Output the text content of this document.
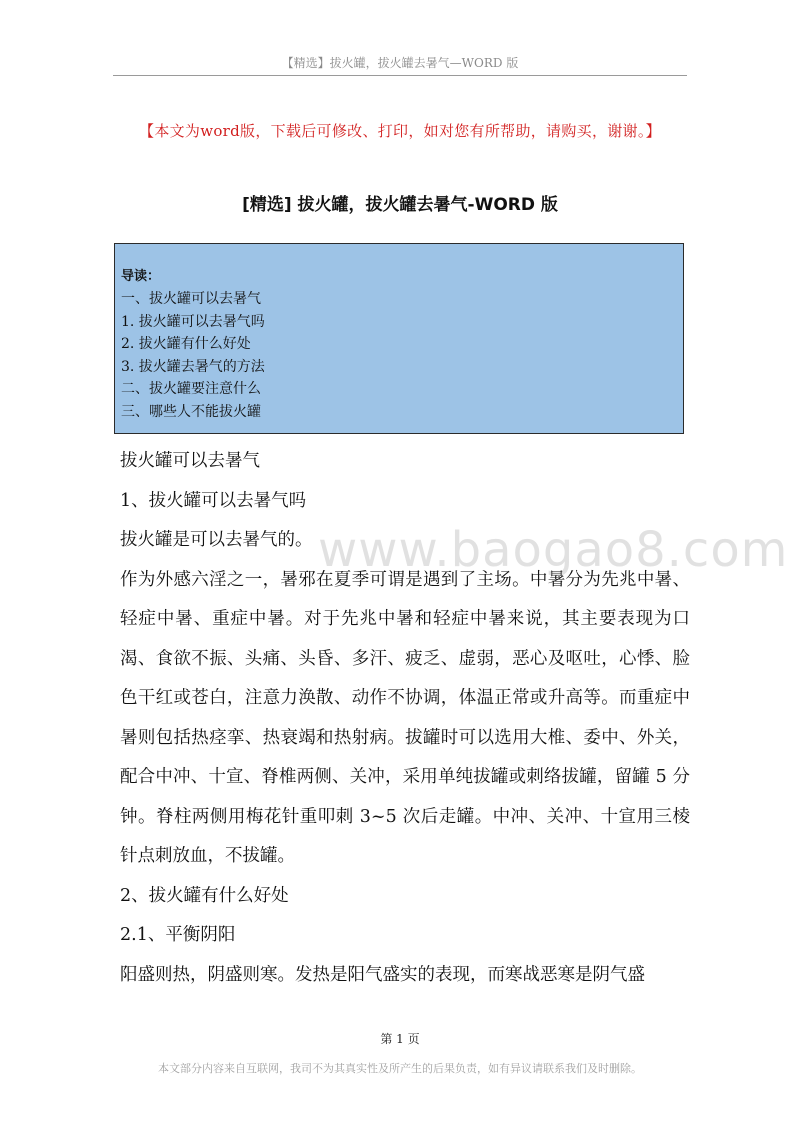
【精选】拔火罐，拔火罐去暑气—WORD 版
【本文为word版，下载后可修改、打印，如对您有所帮助，请购买，谢谢。】
[精选] 拔火罐，拔火罐去暑气-WORD 版
导读：
一、拔火罐可以去暑气
1. 拔火罐可以去暑气吗
2. 拔火罐有什么好处
3. 拔火罐去暑气的方法
二、拔火罐要注意什么
三、哪些人不能拔火罐

拔火罐可以去暑气

1、拔火罐可以去暑气吗

拔火罐是可以去暑气的。

作为外感六淫之一，暑邪在夏季可谓是遇到了主场。中暑分为先兆中暑、轻症中暑、重症中暑。对于先兆中暑和轻症中暑来说，其主要表现为口渴、食欲不振、头痛、头昏、多汗、疲乏、虚弱，恶心及呕吐，心悸、脸色干红或苍白，注意力涣散、动作不协调，体温正常或升高等。而重症中暑则包括热痉挛、热衰竭和热射病。拔罐时可以选用大椎、委中、外关，配合中冲、十宣、脊椎两侧、关冲，采用单纯拔罐或刺络拔罐，留罐 5 分钟。脊柱两侧用梅花针重叩刺 3~5 次后走罐。中冲、关冲、十宣用三棱针点刺放血，不拔罐。

2、拔火罐有什么好处

2.1、平衡阴阳

阳盛则热，阴盛则寒。发热是阳气盛实的表现，而寒战恶寒是阴气盛

www.baogao8.com
第 1 页
本文部分内容来自互联网，我司不为其真实性及所产生的后果负责，如有异议请联系我们及时删除。
